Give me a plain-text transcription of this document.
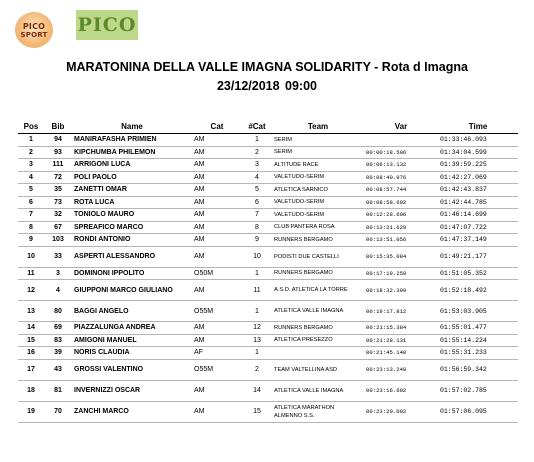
PICO
SPORT PICO
MARATONINA DELLA VALLE IMAGNA SOLIDARITY - Rota d Imagna
23/12/2018 09:00
Pos	Bib	Name	Cat	#Cat	Team	Var	Time
1	94	MANIRAFASHA PRIMIEN	AM	1	SERIM		01:33:46.093
2	93	KIPCHUMBA PHILEMON	AM	2	SERIM	00:00:18.506	01:34:04.599
3	111	ARRIGONI LUCA	AM	3	ALTITUDE RACE	00:06:13.132	01:39:59.225
4	72	POLI PAOLO	AM	4	VALETUDO-SERIM	00:08:40.976	01:42:27.069
5	35	ZANETTI OMAR	AM	5	ATLETICA SARNICO	00:08:57.744	01:42:43.837
6	73	ROTA LUCA	AM	6	VALETUDO-SERIM	00:08:58.692	01:42:44.785
7	32	TONIOLO MAURO	AM	7	VALETUDO-SERIM	00:12:28.606	01:46:14.699
8	67	SPREAFICO MARCO	AM	8	CLUB PANTERA ROSA	00:13:21.629	01:47:07.722
9	103	RONDI ANTONIO	AM	9	RUNNERS BERGAMO	00:13:51.056	01:47:37.149
10	33	ASPERTI ALESSANDRO	AM	10	PODISTI DUE CASTELLI	00:15:35.084	01:49:21.177
11	3	DOMINONI IPPOLITO	O50M	1	RUNNERS BERGAMO	00:17:19.259	01:51:05.352
12	4	GIUPPONI MARCO GIULIANO	AM	11	A.S.D. ATLETICA LA TORRE	00:18:32.399	01:52:18.492
13	80	BAGGI ANGELO	O55M	1	ATLETICA VALLE IMAGNA	00:19:17.812	01:53:03.905
14	69	PIAZZALUNGA ANDREA	AM	12	RUNNERS BERGAMO	00:21:15.384	01:55:01.477
15	83	AMIGONI MANUEL	AM	13	ATLETICA PRESEZZO	00:21:28.131	01:55:14.224
16	39	NORIS CLAUDIA	AF	1		00:21:45.140	01:55:31.233
17	43	GROSSI VALENTINO	O55M	2	TEAM VALTELLINA ASD	00:23:13.249	01:56:59.342
18	81	INVERNIZZI OSCAR	AM	14	ATLETICA VALLE IMAGNA	00:23:16.692	01:57:02.785
19	70	ZANCHI MARCO	AM	15	ATLETICA MARATHON ALMENNO S.S.	00:23:20.002	01:57:06.095
